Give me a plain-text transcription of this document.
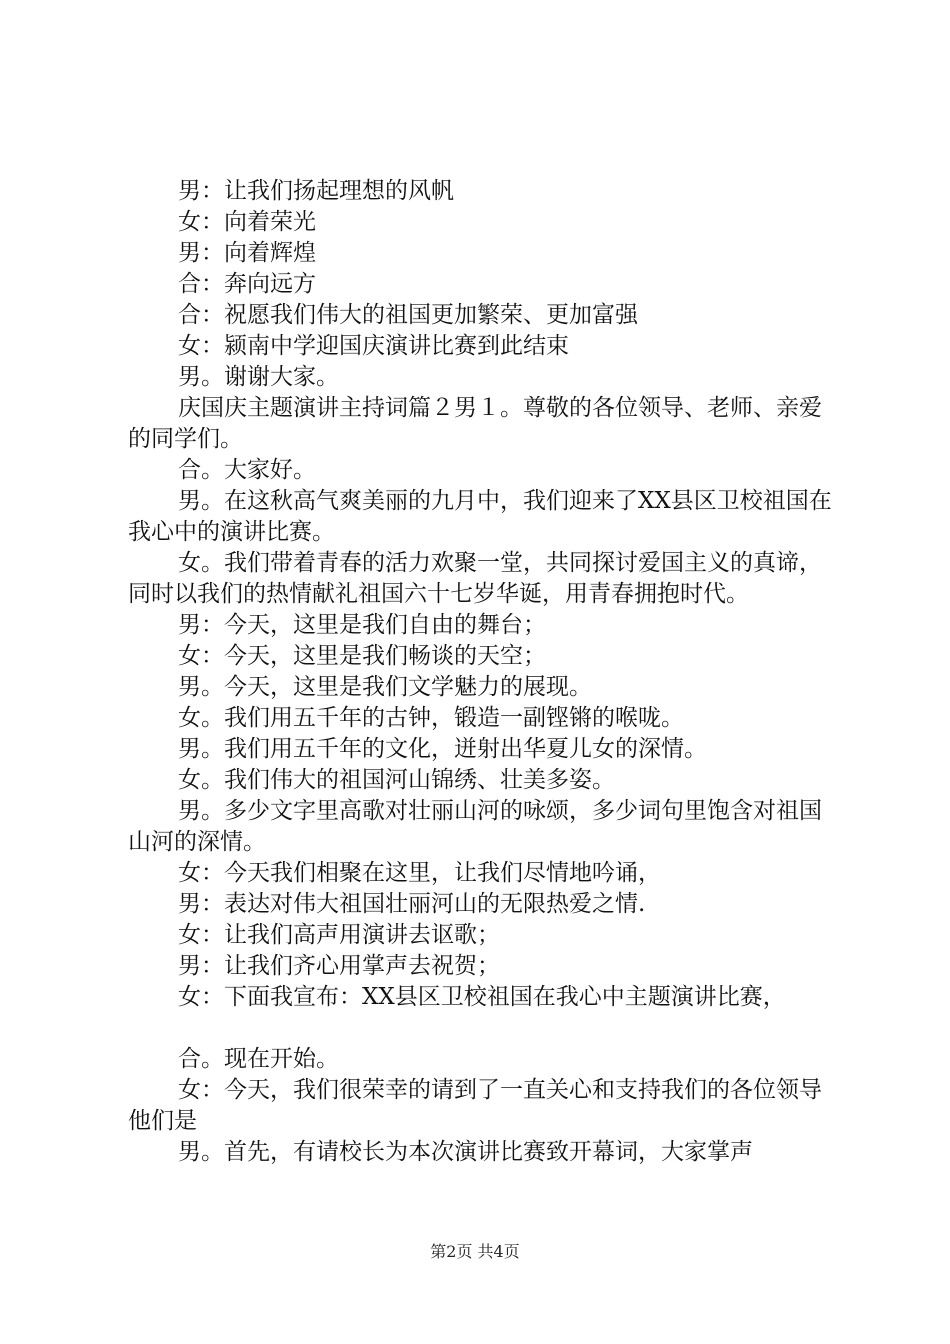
男：让我们扬起理想的风帆

女：向着荣光

男：向着辉煌

合：奔向远方

合：祝愿我们伟大的祖国更加繁荣、更加富强

女：颍南中学迎国庆演讲比赛到此结束

男。谢谢大家。

庆国庆主题演讲主持词篇２男１。尊敬的各位领导、老师、亲爱的同学们。

合。大家好。

男。在这秋高气爽美丽的九月中，我们迎来了XX县区卫校祖国在我心中的演讲比赛。

女。我们带着青春的活力欢聚一堂，共同探讨爱国主义的真谛，同时以我们的热情献礼祖国六十七岁华诞，用青春拥抱时代。

男：今天，这里是我们自由的舞台；

女：今天，这里是我们畅谈的天空；

男。今天，这里是我们文学魅力的展现。

女。我们用五千年的古钟，锻造一副铿锵的喉咙。

男。我们用五千年的文化，迸射出华夏儿女的深情。

女。我们伟大的祖国河山锦绣、壮美多姿。

男。多少文字里高歌对壮丽山河的咏颂，多少词句里饱含对祖国山河的深情。

女：今天我们相聚在这里，让我们尽情地吟诵，

男：表达对伟大祖国壮丽河山的无限热爱之情.

女：让我们高声用演讲去讴歌；

男：让我们齐心用掌声去祝贺；

女：下面我宣布：XX县区卫校祖国在我心中主题演讲比赛，

合。现在开始。

女：今天，我们很荣幸的请到了一直关心和支持我们的各位领导他们是

男。首先，有请校长为本次演讲比赛致开幕词，大家掌声

第2页 共4页
